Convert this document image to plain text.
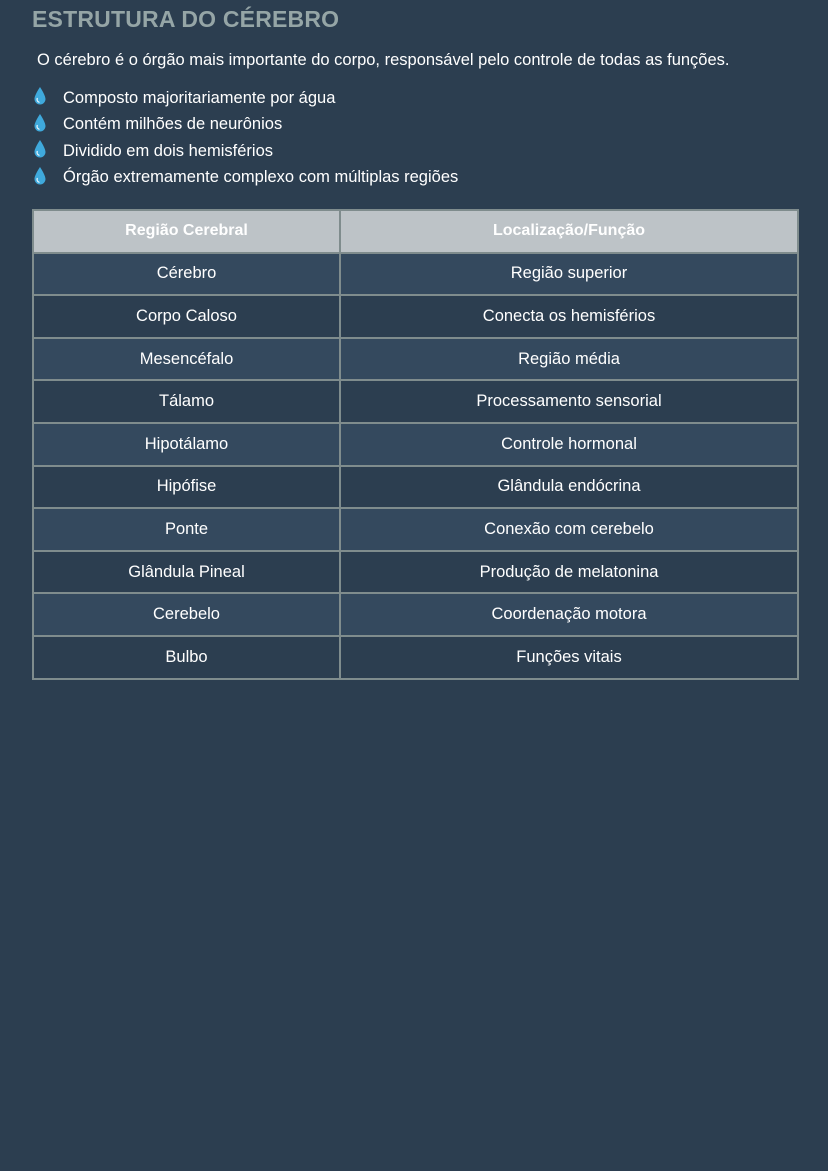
ESTRUTURA DO CÉREBRO

O cérebro é o órgão mais importante do corpo, responsável pelo controle de todas as funções.

Composto majoritariamente por água
Contém milhões de neurônios
Dividido em dois hemisférios
Órgão extremamente complexo com múltiplas regiões
Região Cerebral	Localização/Função
Cérebro	Região superior
Corpo Caloso	Conecta os hemisférios
Mesencéfalo	Região média
Tálamo	Processamento sensorial
Hipotálamo	Controle hormonal
Hipófise	Glândula endócrina
Ponte	Conexão com cerebelo
Glândula Pineal	Produção de melatonina
Cerebelo	Coordenação motora
Bulbo	Funções vitais
